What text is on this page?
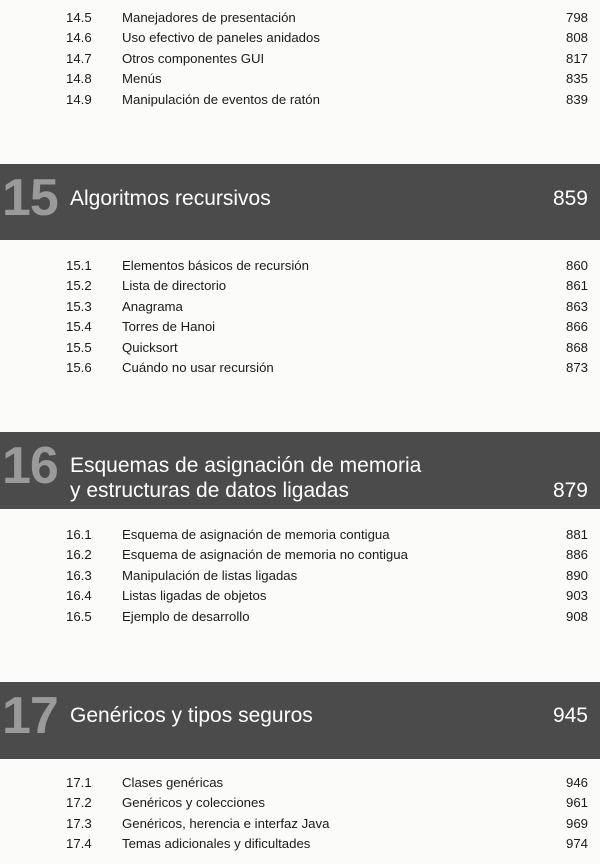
14.5 Manejadores de presentación	798
14.6 Uso efectivo de paneles anidados	808
14.7 Otros componentes GUI	817
14.8 Menús	835
14.9 Manipulación de eventos de ratón	839
15 Algoritmos recursivos	859
15.1 Elementos básicos de recursión	860
15.2 Lista de directorio	861
15.3 Anagrama	863
15.4 Torres de Hanoi	866
15.5 Quicksort	868
15.6 Cuándo no usar recursión	873
16 Esquemas de asignación de memoria
y estructuras de datos ligadas	879
16.1 Esquema de asignación de memoria contigua	881
16.2 Esquema de asignación de memoria no contigua	886
16.3 Manipulación de listas ligadas	890
16.4 Listas ligadas de objetos	903
16.5 Ejemplo de desarrollo	908
17 Genéricos y tipos seguros	945
17.1 Clases genéricas	946
17.2 Genéricos y colecciones	961
17.3 Genéricos, herencia e interfaz Java	969
17.4 Temas adicionales y dificultades	974
